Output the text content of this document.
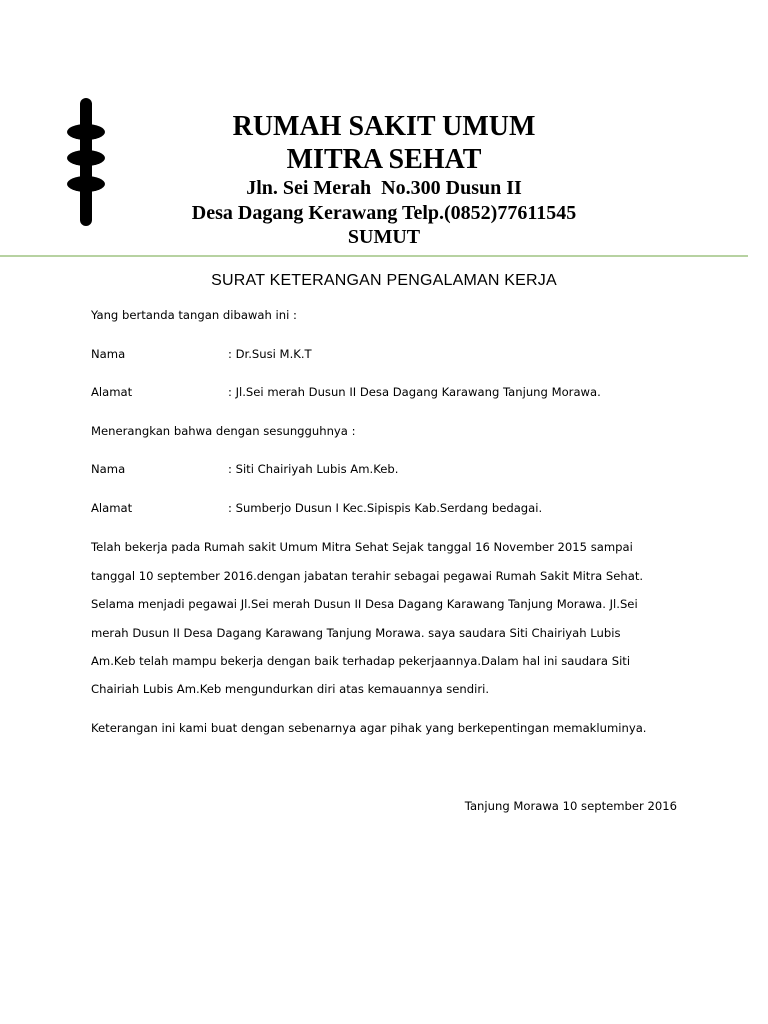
RUMAH SAKIT UMUM
MITRA SEHAT
Jln. Sei Merah  No.300 Dusun II
Desa Dagang Kerawang Telp.(0852)77611545
SUMUT
SURAT KETERANGAN PENGALAMAN KERJA
Yang bertanda tangan dibawah ini :
Nama	: Dr.Susi M.K.T
Alamat	: Jl.Sei merah Dusun II Desa Dagang Karawang Tanjung Morawa.
Menerangkan bahwa dengan sesungguhnya :
Nama	: Siti Chairiyah Lubis Am.Keb.
Alamat	: Sumberjo Dusun I Kec.Sipispis Kab.Serdang bedagai.
Telah bekerja pada Rumah sakit Umum Mitra Sehat Sejak tanggal 16 November 2015 sampai
tanggal 10 september 2016.dengan jabatan terahir sebagai pegawai Rumah Sakit Mitra Sehat.
Selama menjadi pegawai Jl.Sei merah Dusun II Desa Dagang Karawang Tanjung Morawa. Jl.Sei
merah Dusun II Desa Dagang Karawang Tanjung Morawa. saya saudara Siti Chairiyah Lubis
Am.Keb telah mampu bekerja dengan baik terhadap pekerjaannya.Dalam hal ini saudara Siti
Chairiah Lubis Am.Keb mengundurkan diri atas kemauannya sendiri.
Keterangan ini kami buat dengan sebenarnya agar pihak yang berkepentingan memakluminya.
Tanjung Morawa 10 september 2016
